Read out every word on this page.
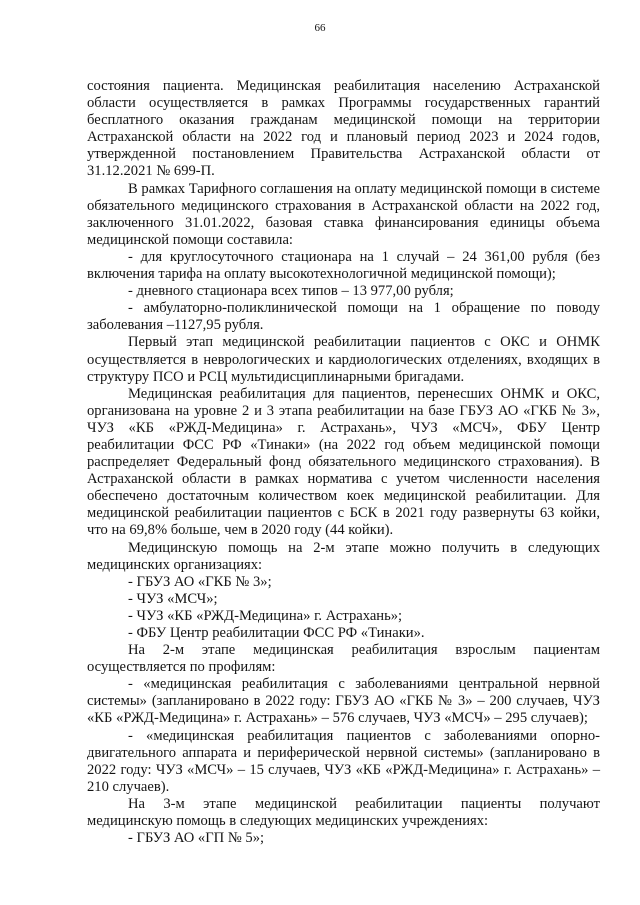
66

состояния пациента. Медицинская реабилитация населению Астраханской области осуществляется в рамках Программы государственных гарантий бесплатного оказания гражданам медицинской помощи на территории Астраханской области на 2022 год и плановый период 2023 и 2024 годов, утвержденной постановлением Правительства Астраханской области от 31.12.2021 № 699-П.

В рамках Тарифного соглашения на оплату медицинской помощи в системе обязательного медицинского страхования в Астраханской области на 2022 год, заключенного 31.01.2022, базовая ставка финансирования единицы объема медицинской помощи составила:

- для круглосуточного стационара на 1 случай – 24 361,00 рубля (без включения тарифа на оплату высокотехнологичной медицинской помощи);

- дневного стационара всех типов – 13 977,00 рубля;

- амбулаторно-поликлинической помощи на 1 обращение по поводу заболевания –1127,95 рубля.

Первый этап медицинской реабилитации пациентов с ОКС и ОНМК осуществляется в неврологических и кардиологических отделениях, входящих в структуру ПСО и РСЦ мультидисциплинарными бригадами.

Медицинская реабилитация для пациентов, перенесших ОНМК и ОКС, организована на уровне 2 и 3 этапа реабилитации на базе ГБУЗ АО «ГКБ № 3», ЧУЗ «КБ «РЖД-Медицина» г. Астрахань», ЧУЗ «МСЧ», ФБУ Центр реабилитации ФСС РФ «Тинаки» (на 2022 год объем медицинской помощи распределяет Федеральный фонд обязательного медицинского страхования). В Астраханской области в рамках норматива с учетом численности населения обеспечено достаточным количеством коек медицинской реабилитации. Для медицинской реабилитации пациентов с БСК в 2021 году развернуты 63 койки, что на 69,8% больше, чем в 2020 году (44 койки).

Медицинскую помощь на 2-м этапе можно получить в следующих медицинских организациях:

- ГБУЗ АО «ГКБ № 3»;

- ЧУЗ «МСЧ»;

- ЧУЗ «КБ «РЖД-Медицина» г. Астрахань»;

- ФБУ Центр реабилитации ФСС РФ «Тинаки».

На 2-м этапе медицинская реабилитация взрослым пациентам осуществляется по профилям:

- «медицинская реабилитация с заболеваниями центральной нервной системы» (запланировано в 2022 году: ГБУЗ АО «ГКБ № 3» – 200 случаев, ЧУЗ «КБ «РЖД-Медицина» г. Астрахань» – 576 случаев, ЧУЗ «МСЧ» – 295 случаев);

- «медицинская реабилитация пациентов с заболеваниями опорно-двигательного аппарата и периферической нервной системы» (запланировано в 2022 году: ЧУЗ «МСЧ» – 15 случаев, ЧУЗ «КБ «РЖД-Медицина» г. Астрахань» – 210 случаев).

На 3-м этапе медицинской реабилитации пациенты получают медицинскую помощь в следующих медицинских учреждениях:

- ГБУЗ АО «ГП № 5»;
